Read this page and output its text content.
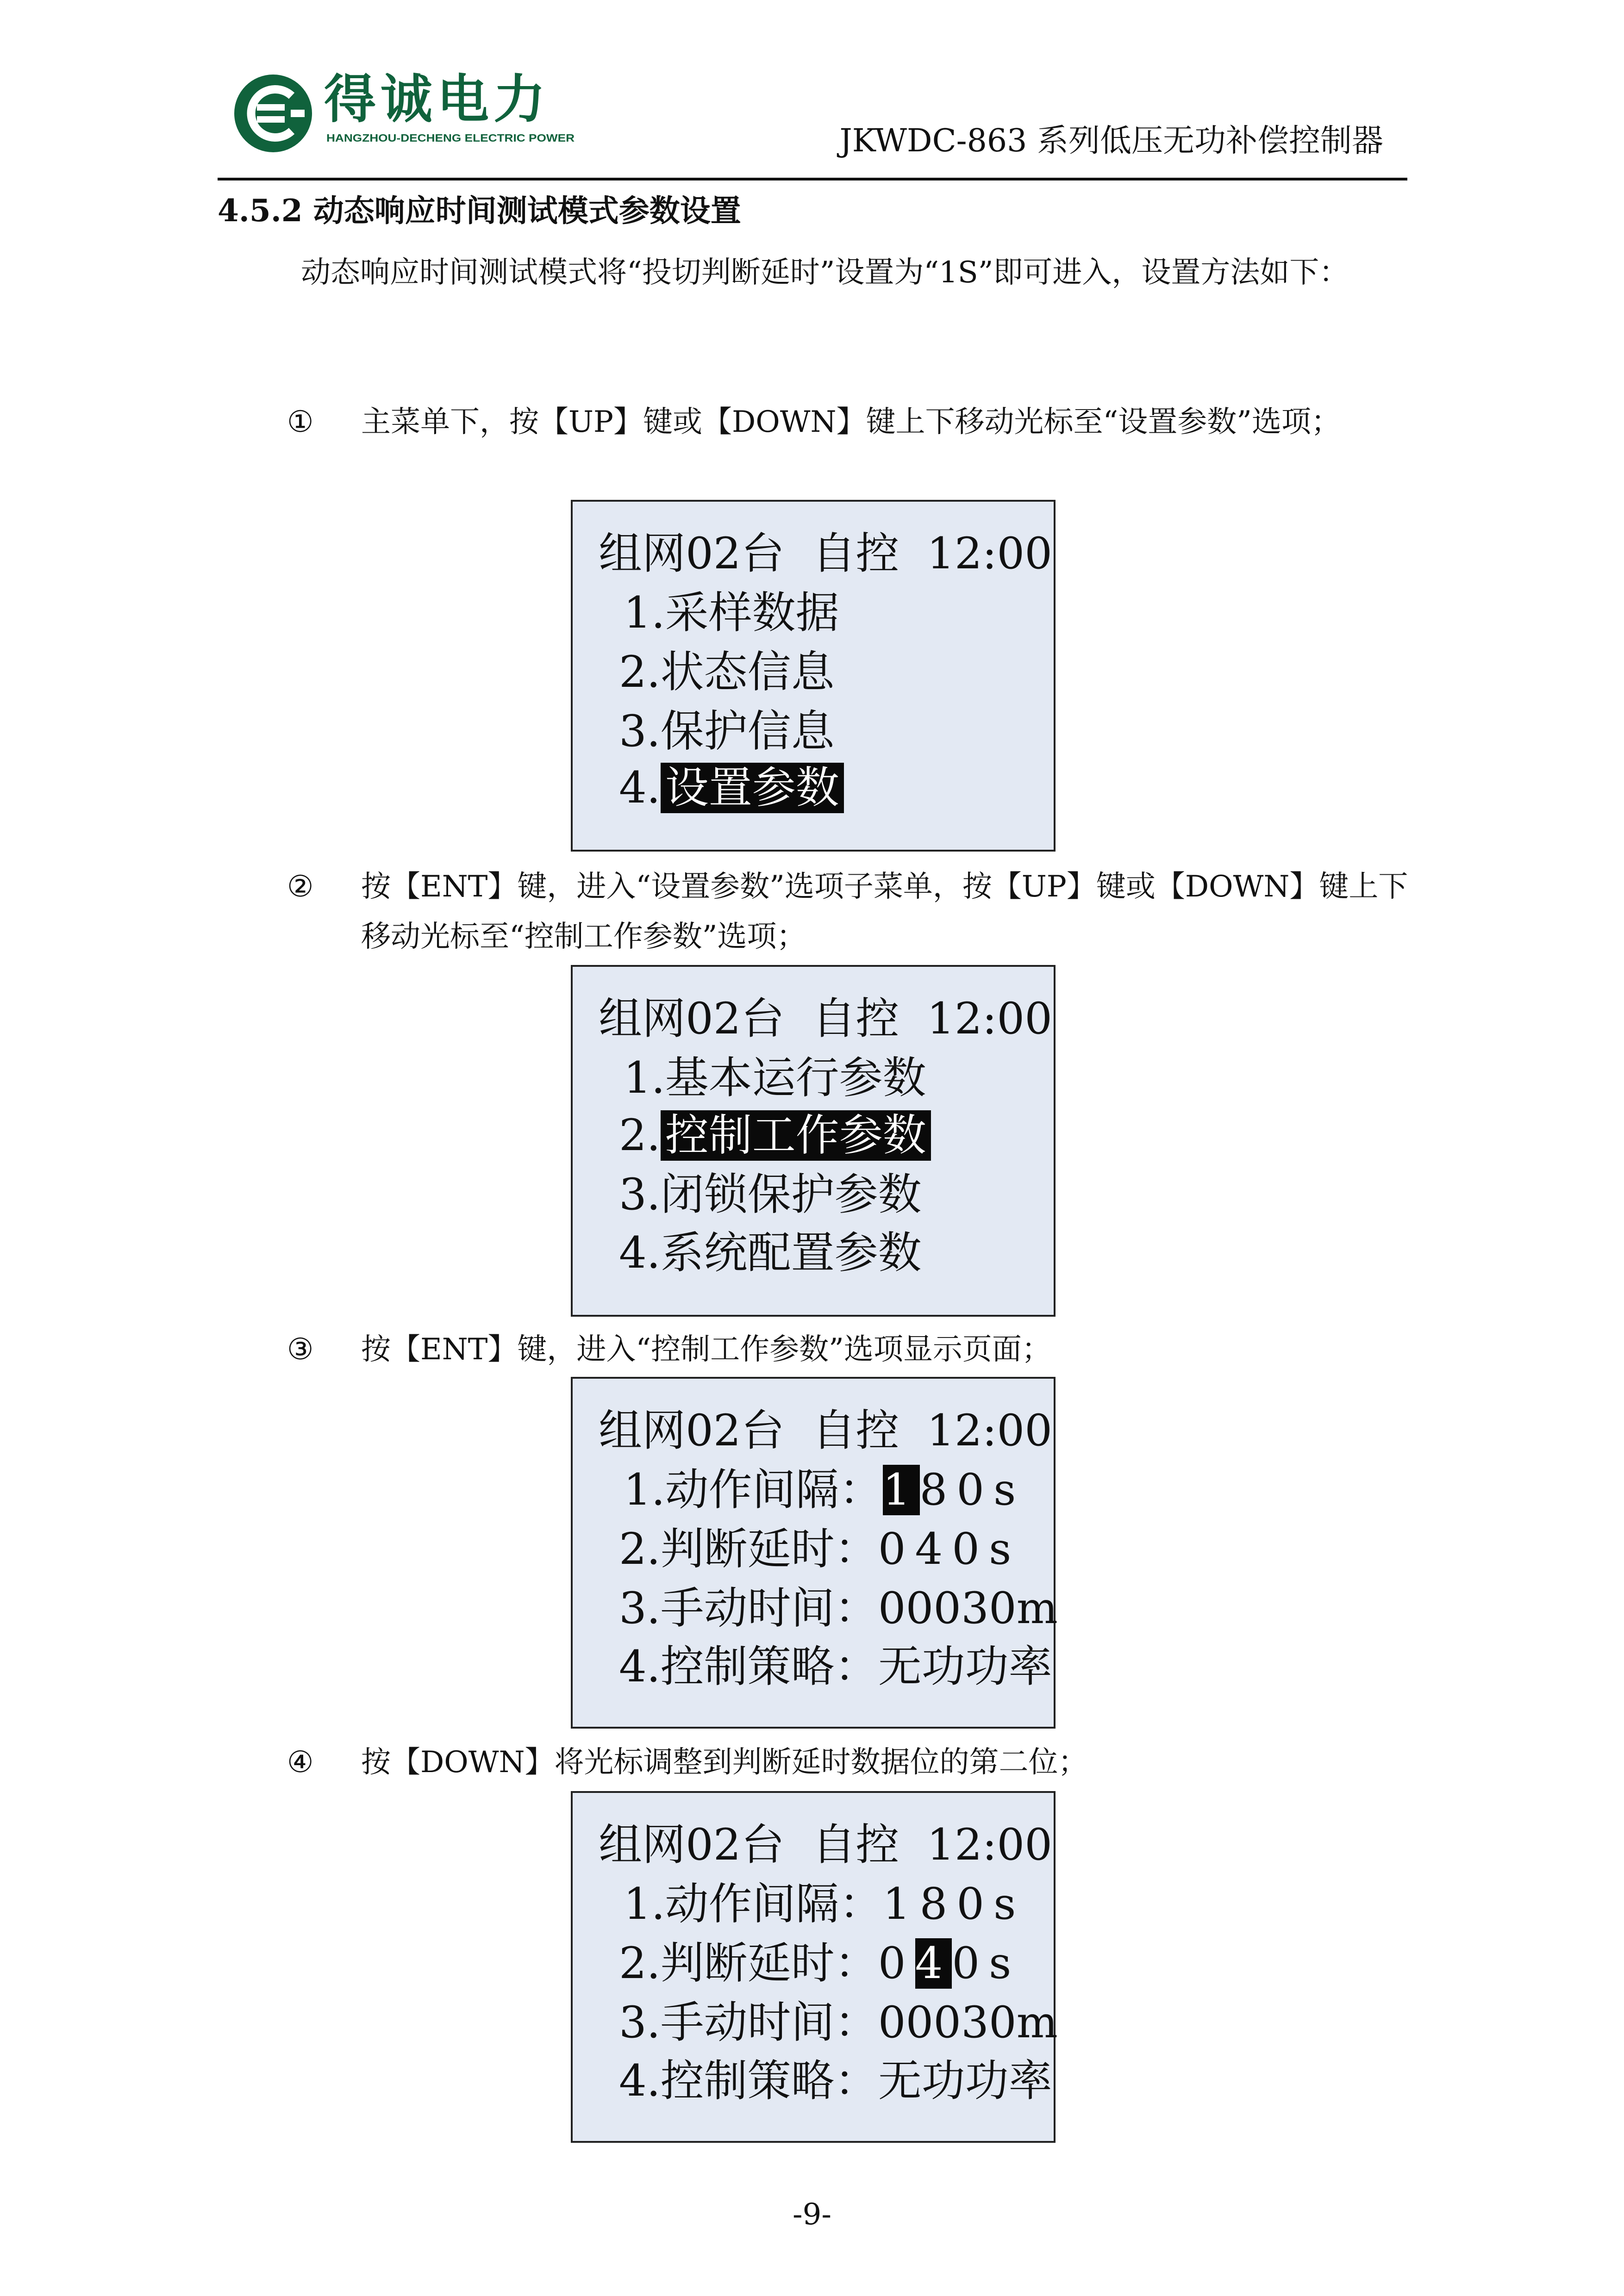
得诚电力
HANGZHOU-DECHENG ELECTRIC POWER	JKWDC-863 系列低压无功补偿控制器
4.5.2 动态响应时间测试模式参数设置
动态响应时间测试模式将“投切判断延时”设置为“1S”即可进入，设置方法如下：
① 主菜单下，按【UP】键或【DOWN】键上下移动光标至“设置参数”选项；
组网02台  自控  12:00
1.采样数据
2.状态信息
3.保护信息
4. 设置参数
② 按【ENT】键，进入“设置参数”选项子菜单，按【UP】键或【DOWN】键上下移动光标至“控制工作参数”选项；
组网02台  自控  12:00
1.基本运行参数
2. 控制工作参数
3.闭锁保护参数
4.系统配置参数
③ 按【ENT】键，进入“控制工作参数”选项显示页面；
组网02台  自控  12:00
1.动作间隔：180s
2.判断延时：040s
3.手动时间：00030m
4.控制策略：无功功率
④ 按【DOWN】将光标调整到判断延时数据位的第二位；
组网02台  自控  12:00
1.动作间隔：180s
2.判断延时：040s
3.手动时间：00030m
4.控制策略：无功功率
-9-
